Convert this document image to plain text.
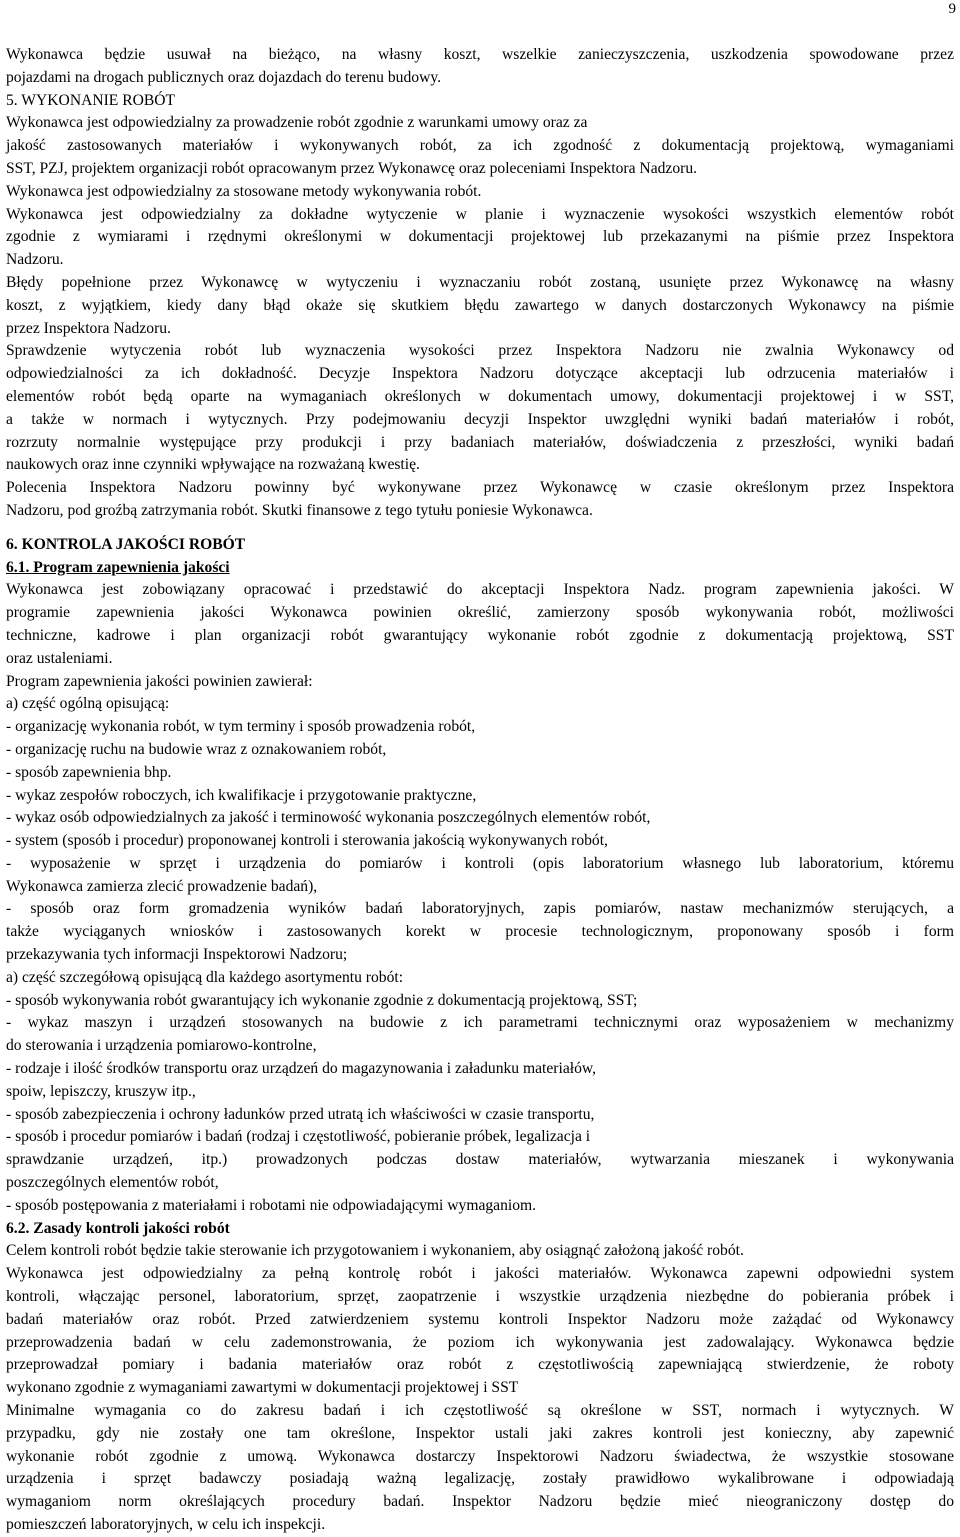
9
Wykonawca będzie usuwał na bieżąco, na własny koszt, wszelkie zanieczyszczenia, uszkodzenia spowodowane przez
pojazdami na drogach publicznych oraz dojazdach do terenu budowy.
5. WYKONANIE ROBÓT
Wykonawca jest odpowiedzialny za prowadzenie robót zgodnie z warunkami umowy oraz za
jakość zastosowanych materiałów i wykonywanych robót, za ich zgodność z dokumentacją projektową, wymaganiami
SST, PZJ, projektem organizacji robót opracowanym przez Wykonawcę oraz poleceniami Inspektora Nadzoru.
Wykonawca jest odpowiedzialny za stosowane metody wykonywania robót.
Wykonawca jest odpowiedzialny za dokładne wytyczenie w planie i wyznaczenie wysokości wszystkich elementów robót
zgodnie z wymiarami i rzędnymi określonymi w dokumentacji projektowej lub przekazanymi na piśmie przez Inspektora
Nadzoru.
Błędy popełnione przez Wykonawcę w wytyczeniu i wyznaczaniu robót zostaną, usunięte przez Wykonawcę na własny
koszt, z wyjątkiem, kiedy dany błąd okaże się skutkiem błędu zawartego w danych dostarczonych Wykonawcy na piśmie
przez Inspektora Nadzoru.
Sprawdzenie wytyczenia robót lub wyznaczenia wysokości przez Inspektora Nadzoru nie zwalnia Wykonawcy od
odpowiedzialności za ich dokładność. Decyzje Inspektora Nadzoru dotyczące akceptacji lub odrzucenia materiałów i
elementów robót będą oparte na wymaganiach określonych w dokumentach umowy, dokumentacji projektowej i w SST,
a także w normach i wytycznych. Przy podejmowaniu decyzji Inspektor uwzględni wyniki badań materiałów i robót,
rozrzuty normalnie występujące przy produkcji i przy badaniach materiałów, doświadczenia z przeszłości, wyniki badań
naukowych oraz inne czynniki wpływające na rozważaną kwestię.
Polecenia Inspektora Nadzoru powinny być wykonywane przez Wykonawcę w czasie określonym przez Inspektora
Nadzoru, pod groźbą zatrzymania robót. Skutki finansowe z tego tytułu poniesie Wykonawca.
6. KONTROLA JAKOŚCI ROBÓT
6.1. Program zapewnienia jakości
Wykonawca jest zobowiązany opracować i przedstawić do akceptacji Inspektora Nadz. program zapewnienia jakości. W
programie zapewnienia jakości Wykonawca powinien określić, zamierzony sposób wykonywania robót, możliwości
techniczne, kadrowe i plan organizacji robót gwarantujący wykonanie robót zgodnie z dokumentacją projektową, SST
oraz ustaleniami.
Program zapewnienia jakości powinien zawierał:
a) część ogólną opisującą:
- organizację wykonania robót, w tym terminy i sposób prowadzenia robót,
- organizację ruchu na budowie wraz z oznakowaniem robót,
- sposób zapewnienia bhp.
- wykaz zespołów roboczych, ich kwalifikacje i przygotowanie praktyczne,
- wykaz osób odpowiedzialnych za jakość i terminowość wykonania poszczególnych elementów robót,
- system (sposób i procedur) proponowanej kontroli i sterowania jakością wykonywanych robót,
- wyposażenie w sprzęt i urządzenia do pomiarów i kontroli (opis laboratorium własnego lub laboratorium, któremu
Wykonawca zamierza zlecić prowadzenie badań),
- sposób oraz form gromadzenia wyników badań laboratoryjnych, zapis pomiarów, nastaw mechanizmów sterujących, a
także wyciąganych wniosków i zastosowanych korekt w procesie technologicznym, proponowany sposób i form
przekazywania tych informacji Inspektorowi Nadzoru;
a) część szczegółową opisującą dla każdego asortymentu robót:
- sposób wykonywania robót gwarantujący ich wykonanie zgodnie z dokumentacją projektową, SST;
- wykaz maszyn i urządzeń stosowanych na budowie z ich parametrami technicznymi oraz wyposażeniem w mechanizmy
do sterowania i urządzenia pomiarowo-kontrolne,
- rodzaje i ilość środków transportu oraz urządzeń do magazynowania i załadunku materiałów,
spoiw, lepiszczy, kruszyw itp.,
- sposób zabezpieczenia i ochrony ładunków przed utratą ich właściwości w czasie transportu,
- sposób i procedur pomiarów i badań (rodzaj i częstotliwość, pobieranie próbek, legalizacja i
sprawdzanie urządzeń, itp.) prowadzonych podczas dostaw materiałów, wytwarzania mieszanek i wykonywania
poszczególnych elementów robót,
- sposób postępowania z materiałami i robotami nie odpowiadającymi wymaganiom.
6.2. Zasady kontroli jakości robót
Celem kontroli robót będzie takie sterowanie ich przygotowaniem i wykonaniem, aby osiągnąć założoną jakość robót.
Wykonawca jest odpowiedzialny za pełną kontrolę robót i jakości materiałów. Wykonawca zapewni odpowiedni system
kontroli, włączając personel, laboratorium, sprzęt, zaopatrzenie i wszystkie urządzenia niezbędne do pobierania próbek i
badań materiałów oraz robót. Przed zatwierdzeniem systemu kontroli Inspektor Nadzoru może zażądać od Wykonawcy
przeprowadzenia badań w celu zademonstrowania, że poziom ich wykonywania jest zadowalający. Wykonawca będzie
przeprowadzał pomiary i badania materiałów oraz robót z częstotliwością zapewniającą stwierdzenie, że roboty
wykonano zgodnie z wymaganiami zawartymi w dokumentacji projektowej i SST
Minimalne wymagania co do zakresu badań i ich częstotliwość są określone w SST, normach i wytycznych. W
przypadku, gdy nie zostały one tam określone, Inspektor ustali jaki zakres kontroli jest konieczny, aby zapewnić
wykonanie robót zgodnie z umową. Wykonawca dostarczy Inspektorowi Nadzoru świadectwa, że wszystkie stosowane
urządzenia i sprzęt badawczy posiadają ważną legalizację, zostały prawidłowo wykalibrowane i odpowiadają
wymaganiom norm określających procedury badań. Inspektor Nadzoru będzie mieć nieograniczony dostęp do
pomieszczeń laboratoryjnych, w celu ich inspekcji.
